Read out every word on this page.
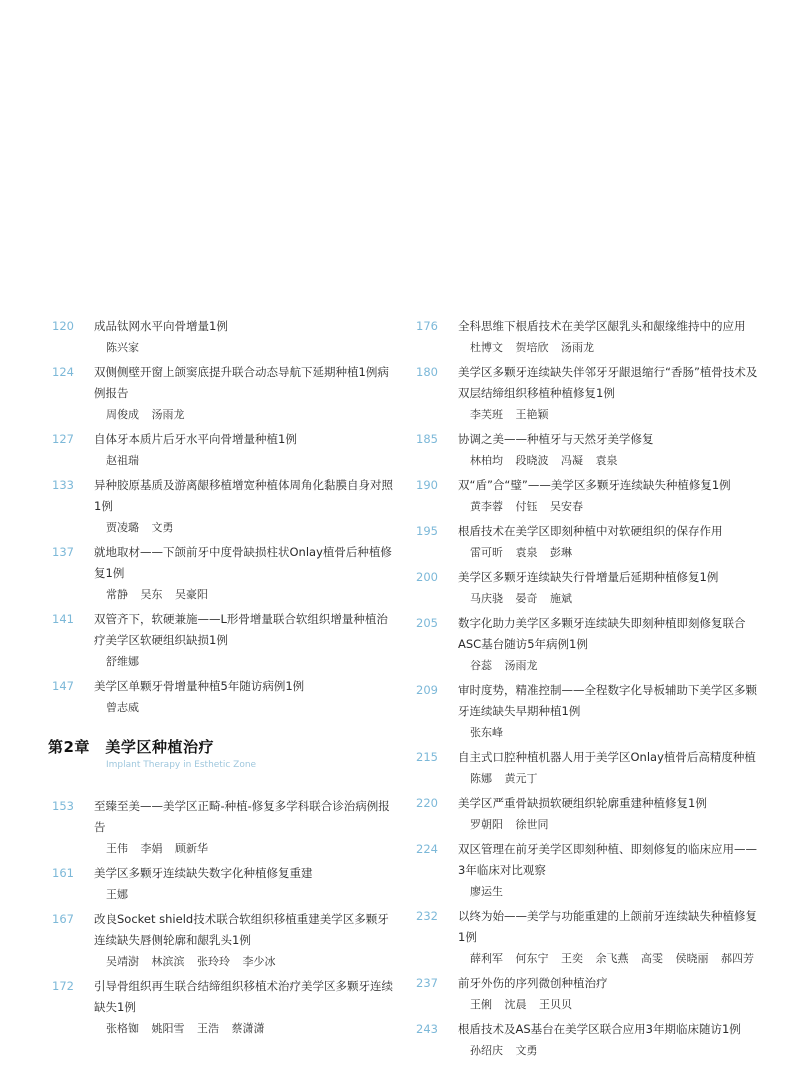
120	成品钛网水平向骨增量1例
陈兴家
124	双侧侧壁开窗上颌窦底提升联合动态导航下延期种植1例病例报告
周俊成 汤雨龙
127	自体牙本质片后牙水平向骨增量种植1例
赵祖瑞
133	异种胶原基质及游离龈移植增宽种植体周角化黏膜自身对照1例
贾凌璐 文勇
137	就地取材——下颌前牙中度骨缺损柱状Onlay植骨后种植修复1例
常静 吴东 吴豪阳
141	双管齐下，软硬兼施——L形骨增量联合软组织增量种植治疗美学区软硬组织缺损1例
舒维娜
147	美学区单颗牙骨增量种植5年随访病例1例
曾志威
第2章　美学区种植治疗
Implant Therapy in Esthetic Zone
153	至臻至美——美学区正畸-种植-修复多学科联合诊治病例报告
王伟 李娟 顾新华
161	美学区多颗牙连续缺失数字化种植修复重建
王娜
167	改良Socket shield技术联合软组织移植重建美学区多颗牙连续缺失唇侧轮廓和龈乳头1例
吴靖澍 林滨滨 张玲玲 李少冰
172	引导骨组织再生联合结缔组织移植术治疗美学区多颗牙连续缺失1例
张格铷 姚阳雪 王浩 蔡潇潇
176	全科思维下根盾技术在美学区龈乳头和龈缘维持中的应用
杜博文 贺培欣 汤雨龙
180	美学区多颗牙连续缺失伴邻牙牙龈退缩行“香肠”植骨技术及双层结缔组织移植种植修复1例
李芙班 王艳颖
185	协调之美——种植牙与天然牙美学修复
林柏均 段晓波 冯凝 袁泉
190	双“盾”合“璧”——美学区多颗牙连续缺失种植修复1例
黄李蓉 付钰 吴安春
195	根盾技术在美学区即刻种植中对软硬组织的保存作用
雷可昕 袁泉 彭琳
200	美学区多颗牙连续缺失行骨增量后延期种植修复1例
马庆骁 晏奇 施斌
205	数字化助力美学区多颗牙连续缺失即刻种植即刻修复联合ASC基台随访5年病例1例
谷蕊 汤雨龙
209	审时度势，精准控制——全程数字化导板辅助下美学区多颗牙连续缺失早期种植1例
张东峰
215	自主式口腔种植机器人用于美学区Onlay植骨后高精度种植
陈娜 黄元丁
220	美学区严重骨缺损软硬组织轮廓重建种植修复1例
罗朝阳 徐世同
224	双区管理在前牙美学区即刻种植、即刻修复的临床应用——3年临床对比观察
廖运生
232	以终为始——美学与功能重建的上颌前牙连续缺失种植修复1例
薛利军 何东宁 王奕 余飞燕 高雯 侯晓丽 郝四芳
237	前牙外伤的序列微创种植治疗
王俐 沈晨 王贝贝
243	根盾技术及AS基台在美学区联合应用3年期临床随访1例
孙绍庆 文勇
